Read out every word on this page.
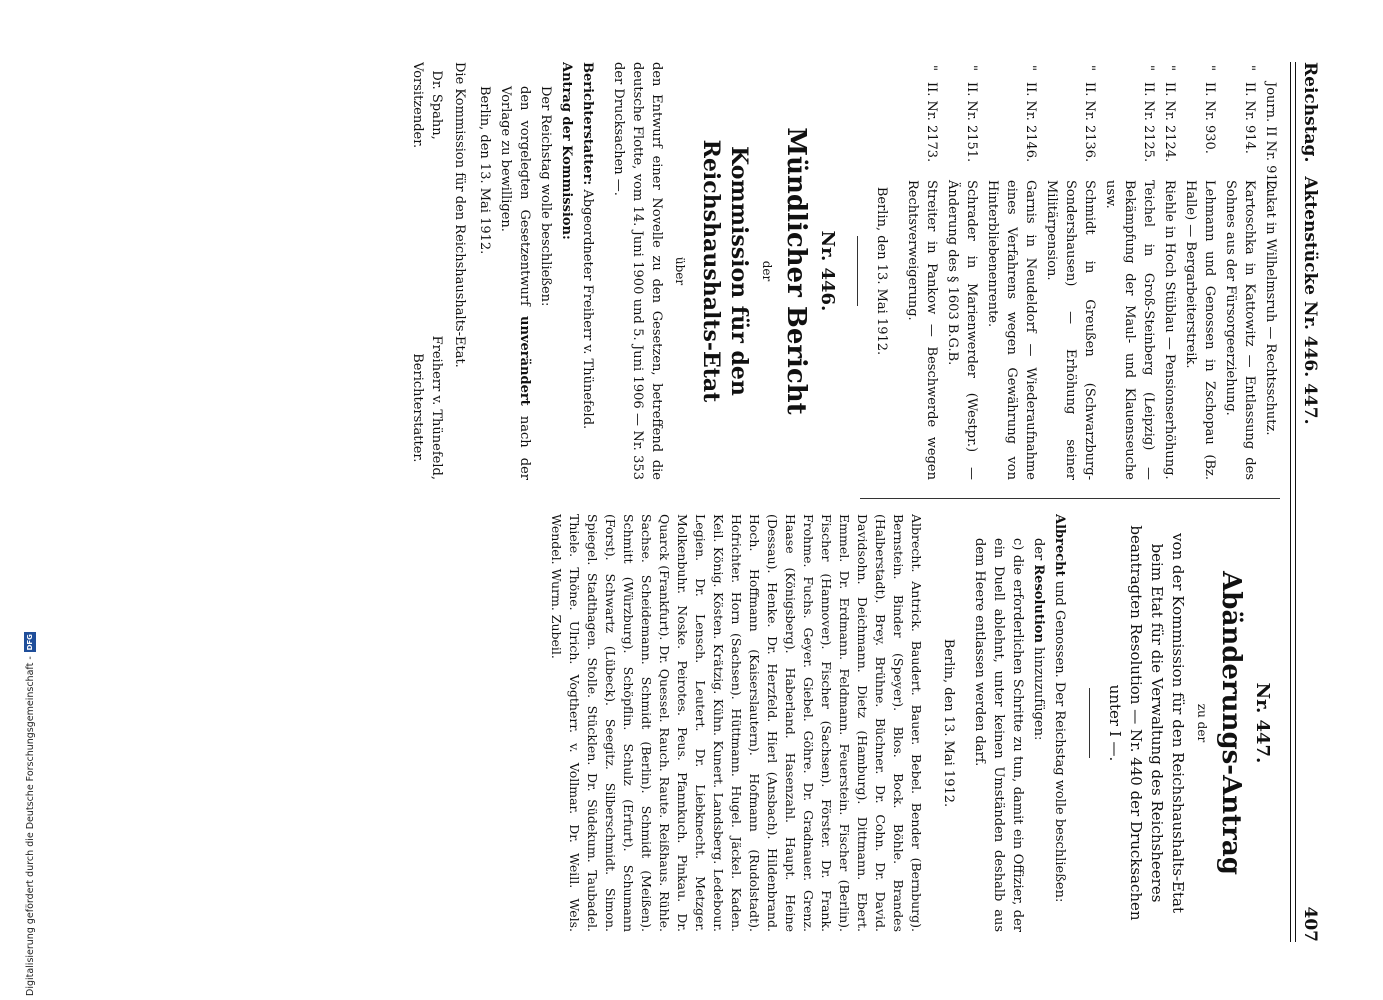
Digitalisierung gefördert durch die Deutsche Forschungsgemeinschaft -
DFG
Reichstag.
Aktenstücke Nr. 446. 447.
407
Journ. II Nr. 912.
Lukat in Wilhelmsruh — Rechtsschutz.
"
II. Nr. 914.
Kartoschka in Kattowitz — Entlassung des Sohnes aus der Fürsorgeerziehung.
"
II. Nr. 930.
Lehmann und Genossen in Zschopau (Bz. Halle) — Bergarbeiterstreik.
"
II. Nr. 2124.
Riehle in Hoch Stüblau — Pensionserhöhung.
"
II. Nr. 2125.
Teichel in Groß-Steinberg (Leipzig) — Bekämpfung der Maul- und Klauenseuche usw.
"
II. Nr. 2136.
Schmidt in Greußen (Schwarzburg-Sondershausen) — Erhöhung seiner Militärpension.
"
II. Nr. 2146.
Garnis in Neudeldorf — Wiederaufnahme eines Verfahrens wegen Gewährung von Hinterbliebenenrente.
"
II. Nr. 2151.
Schrader in Marienwerder (Westpr.) — Änderung des § 1603 B.G.B.
"
II. Nr. 2173.
Streiter in Pankow — Beschwerde wegen Rechtsverweigerung.
Berlin, den 13. Mai 1912.
Nr. 446.
Mündlicher Bericht
der
Kommission für den Reichshaushalts-Etat
über
den Entwurf einer Novelle zu den Gesetzen, betreffend die deutsche Flotte, vom 14. Juni 1900 und 5. Juni 1906 — Nr. 353 der Drucksachen —.
Berichterstatter: Abgeordneter Freiherr v. Thünefeld.
Antrag der Kommission:
Der Reichstag wolle beschließen:
den vorgelegten Gesetzentwurf unverändert nach der Vorlage zu bewilligen.
Berlin, den 13. Mai 1912.
Die Kommission für den Reichshaushalts-Etat.
Dr. Spahn,
Vorsitzender.
Freiherr v. Thünefeld,
Berichterstatter.
Nr. 447.
Abänderungs-Antrag
zu der
von der Kommission für den Reichshaushalts-Etat beim Etat für die Verwaltung des Reichsheeres beantragten Resolution — Nr. 440 der Drucksachen unter I —.
Albrecht und Genossen. Der Reichstag wolle beschließen:
der Resolution hinzuzufügen:
c) die erforderlichen Schritte zu tun, damit ein Offizier, der ein Duell ablehnt, unter keinen Umständen deshalb aus dem Heere entlassen werden darf.
Berlin, den 13. Mai 1912.
Albrecht. Antrick. Baudert. Bauer. Bebel. Bender (Bernburg). Bernstein. Binder (Speyer). Blos. Bock. Böhle. Brandes (Halberstadt). Brey. Brühne. Büchner. Dr. Cohn. Dr. David. Davidsohn. Deichmann. Dietz (Hamburg). Dittmann. Ebert. Emmel. Dr. Erdmann. Feldmann. Feuerstein. Fischer (Berlin). Fischer (Hannover). Fischer (Sachsen). Förster. Dr. Frank. Frohme. Fuchs. Geyer. Giebel. Göhre. Dr. Gradnauer. Grenz. Haase (Königsberg). Haberland. Hasenzahl. Haupt. Heine (Dessau). Henke. Dr. Herzfeld. Hierl (Ansbach). Hildenbrand. Hoch. Hoffmann (Kaiserslautern). Hofmann (Rudolstadt). Hofrichter. Horn (Sachsen). Hüttmann. Hugel. Jäckel. Kaden. Keil. König. Kösten. Krätzig. Kühn. Kunert. Landsberg. Ledebour. Legien. Dr. Lensch. Leutert. Dr. Liebknecht. Metzger. Molkenbuhr. Noske. Peirotes. Peus. Pfannkuch. Pinkau. Dr. Quarck (Frankfurt). Dr. Quessel. Rauch. Raute. Reißhaus. Rühle. Sachse. Scheidemann. Schmidt (Berlin). Schmidt (Meißen). Schmitt (Würzburg). Schöpflin. Schulz (Erfurt). Schumann (Forst). Schwartz (Lübeck). Seegitz. Silberschmidt. Simon. Spiegel. Stadthagen. Stolle. Stücklen. Dr. Südekum. Taubadel. Thiele. Thöne. Ulrich. Vogtherr. v. Vollmar. Dr. Weill. Wels. Wendel. Wurm. Zubeil.
